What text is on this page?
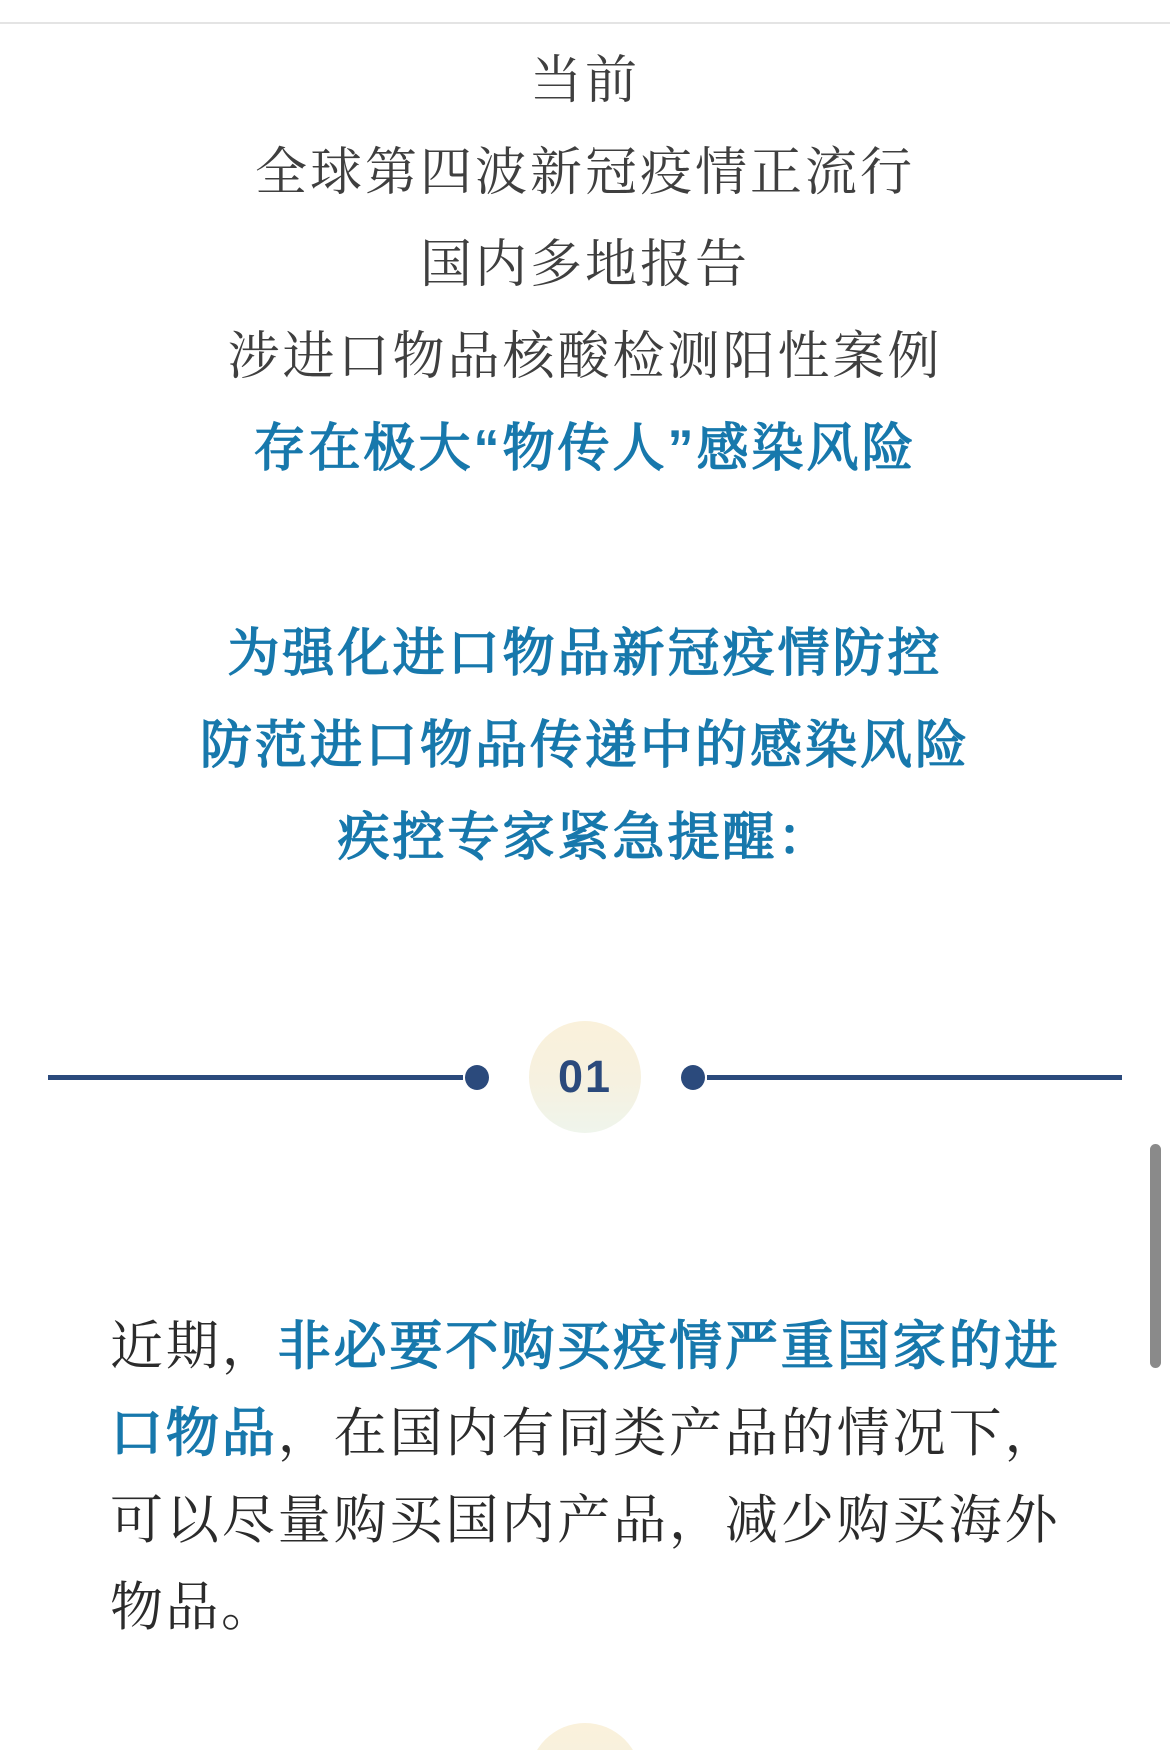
当前
全球第四波新冠疫情正流行
国内多地报告
涉进口物品核酸检测阳性案例
存在极大“物传人”感染风险
为强化进口物品新冠疫情防控
防范进口物品传递中的感染风险
疾控专家紧急提醒：
01

近期，非必要不购买疫情严重国家的进口物品，在国内有同类产品的情况下，可以尽量购买国内产品，减少购买海外物品。
